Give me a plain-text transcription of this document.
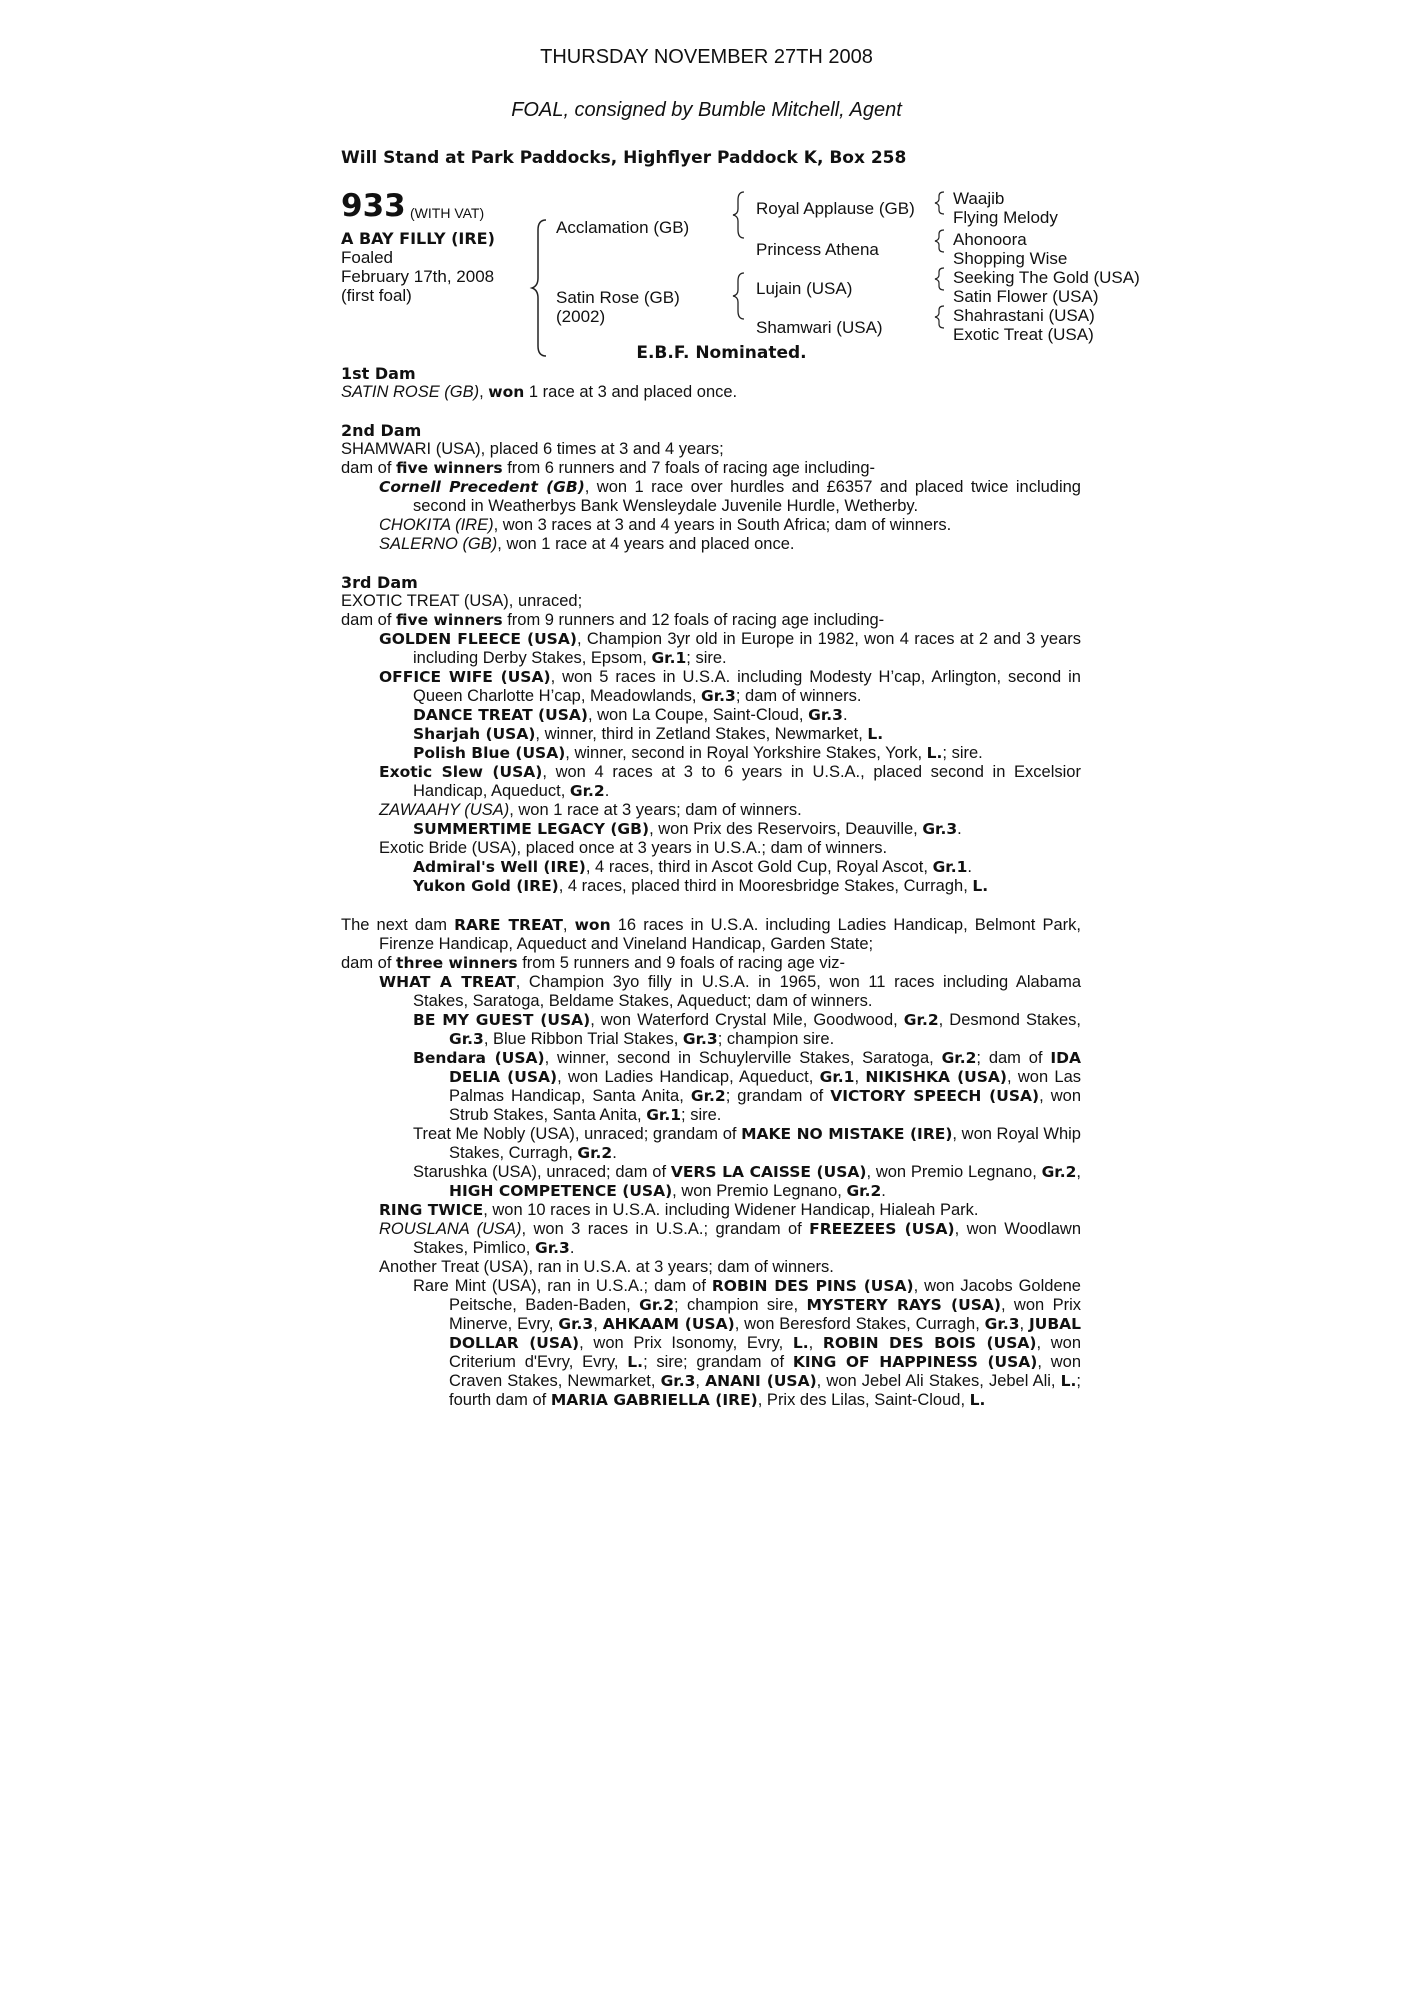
THURSDAY NOVEMBER 27TH 2008
FOAL, consigned by Bumble Mitchell, Agent
Will Stand at Park Paddocks, Highflyer Paddock K, Box 258
933 (WITH VAT)
A BAY FILLY (IRE)
Foaled
February 17th, 2008
(first foal)
Acclamation (GB)
Satin Rose (GB)
(2002)
Royal Applause (GB)
Princess Athena
Lujain (USA)
Shamwari (USA)
Waajib
Flying Melody
Ahonoora
Shopping Wise
Seeking The Gold (USA)
Satin Flower (USA)
Shahrastani (USA)
Exotic Treat (USA)
E.B.F. Nominated.

1st Dam

SATIN ROSE (GB), won 1 race at 3 and placed once.

2nd Dam

SHAMWARI (USA), placed 6 times at 3 and 4 years;

dam of five winners from 6 runners and 7 foals of racing age including-

Cornell Precedent (GB), won 1 race over hurdles and £6357 and placed twice including second in Weatherbys Bank Wensleydale Juvenile Hurdle, Wetherby.

CHOKITA (IRE), won 3 races at 3 and 4 years in South Africa; dam of winners.

SALERNO (GB), won 1 race at 4 years and placed once.

3rd Dam

EXOTIC TREAT (USA), unraced;

dam of five winners from 9 runners and 12 foals of racing age including-

GOLDEN FLEECE (USA), Champion 3yr old in Europe in 1982, won 4 races at 2 and 3 years including Derby Stakes, Epsom, Gr.1; sire.

OFFICE WIFE (USA), won 5 races in U.S.A. including Modesty H’cap, Arlington, second in Queen Charlotte H’cap, Meadowlands, Gr.3; dam of winners.

DANCE TREAT (USA), won La Coupe, Saint-Cloud, Gr.3.

Sharjah (USA), winner, third in Zetland Stakes, Newmarket, L.

Polish Blue (USA), winner, second in Royal Yorkshire Stakes, York, L.; sire.

Exotic Slew (USA), won 4 races at 3 to 6 years in U.S.A., placed second in Excelsior Handicap, Aqueduct, Gr.2.

ZAWAAHY (USA), won 1 race at 3 years; dam of winners.

SUMMERTIME LEGACY (GB), won Prix des Reservoirs, Deauville, Gr.3.

Exotic Bride (USA), placed once at 3 years in U.S.A.; dam of winners.

Admiral's Well (IRE), 4 races, third in Ascot Gold Cup, Royal Ascot, Gr.1.

Yukon Gold (IRE), 4 races, placed third in Mooresbridge Stakes, Curragh, L.

The next dam RARE TREAT, won 16 races in U.S.A. including Ladies Handicap, Belmont Park, Firenze Handicap, Aqueduct and Vineland Handicap, Garden State;

dam of three winners from 5 runners and 9 foals of racing age viz-

WHAT A TREAT, Champion 3yo filly in U.S.A. in 1965, won 11 races including Alabama Stakes, Saratoga, Beldame Stakes, Aqueduct; dam of winners.

BE MY GUEST (USA), won Waterford Crystal Mile, Goodwood, Gr.2, Desmond Stakes, Gr.3, Blue Ribbon Trial Stakes, Gr.3; champion sire.

Bendara (USA), winner, second in Schuylerville Stakes, Saratoga, Gr.2; dam of IDA DELIA (USA), won Ladies Handicap, Aqueduct, Gr.1, NIKISHKA (USA), won Las Palmas Handicap, Santa Anita, Gr.2; grandam of VICTORY SPEECH (USA), won Strub Stakes, Santa Anita, Gr.1; sire.

Treat Me Nobly (USA), unraced; grandam of MAKE NO MISTAKE (IRE), won Royal Whip Stakes, Curragh, Gr.2.

Starushka (USA), unraced; dam of VERS LA CAISSE (USA), won Premio Legnano, Gr.2, HIGH COMPETENCE (USA), won Premio Legnano, Gr.2.

RING TWICE, won 10 races in U.S.A. including Widener Handicap, Hialeah Park.

ROUSLANA (USA), won 3 races in U.S.A.; grandam of FREEZEES (USA), won Woodlawn Stakes, Pimlico, Gr.3.

Another Treat (USA), ran in U.S.A. at 3 years; dam of winners.

Rare Mint (USA), ran in U.S.A.; dam of ROBIN DES PINS (USA), won Jacobs Goldene Peitsche, Baden-Baden, Gr.2; champion sire, MYSTERY RAYS (USA), won Prix Minerve, Evry, Gr.3, AHKAAM (USA), won Beresford Stakes, Curragh, Gr.3, JUBAL DOLLAR (USA), won Prix Isonomy, Evry, L., ROBIN DES BOIS (USA), won Criterium d'Evry, Evry, L.; sire; grandam of KING OF HAPPINESS (USA), won Craven Stakes, Newmarket, Gr.3, ANANI (USA), won Jebel Ali Stakes, Jebel Ali, L.; fourth dam of MARIA GABRIELLA (IRE), Prix des Lilas, Saint-Cloud, L.
